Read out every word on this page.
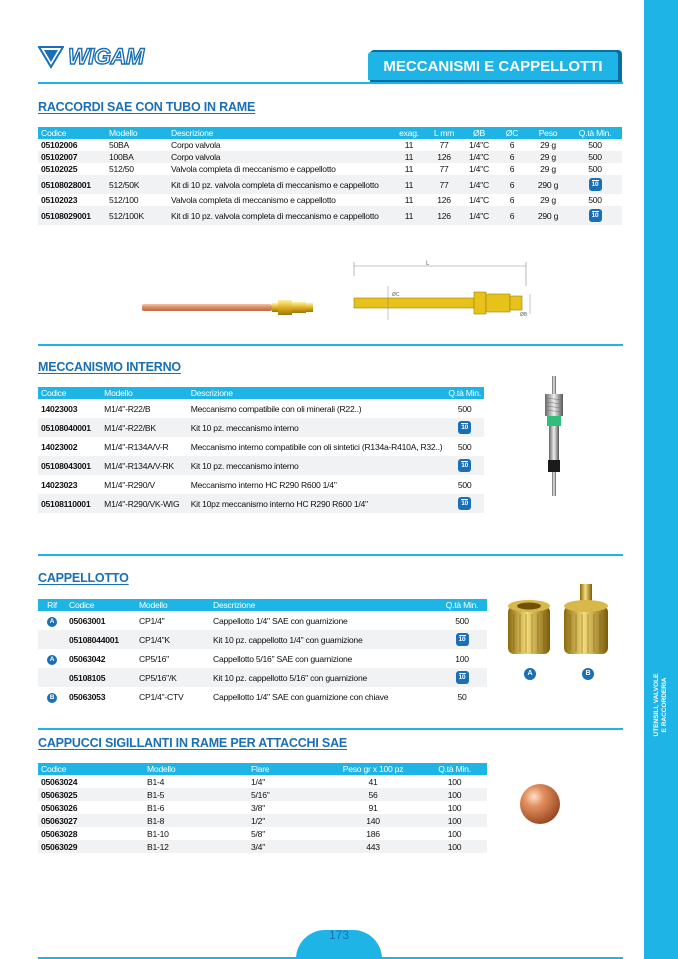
UTENSILI, VALVOLE E RACCORDERIA
WIGAM	MECCANISMI E CAPPELLOTTI
RACCORDI SAE CON TUBO IN RAME
Codice	Modello	Descrizione	exag.	L mm	ØB	ØC	Peso	Q.tà Min.
05102006	50BA	Corpo valvola	11	77	1/4"C	6	29 g	500
05102007	100BA	Corpo valvola	11	126	1/4"C	6	29 g	500
05102025	512/50	Valvola completa di meccanismo e cappellotto	11	77	1/4"C	6	29 g	500
05108028001	512/50K	Kit di 10 pz. valvola completa di meccanismo e cappellotto	11	77	1/4"C	6	290 g	10
05102023	512/100	Valvola completa di meccanismo e cappellotto	11	126	1/4"C	6	29 g	500
05108029001	512/100K	Kit di 10 pz. valvola completa di meccanismo e cappellotto	11	126	1/4"C	6	290 g	10
L
ØC
ØB
MECCANISMO INTERNO
Codice	Modello	Descrizione	Q.tà Min.
14023003	M1/4"-R22/B	Meccanismo compatibile con oli minerali (R22..)	500
05108040001	M1/4"-R22/BK	Kit 10 pz. meccanismo interno	10
14023002	M1/4"-R134A/V-R	Meccanismo interno compatibile con oli sintetici (R134a-R410A, R32..)	500
05108043001	M1/4"-R134A/V-RK	Kit 10 pz. meccanismo interno	10
14023023	M1/4"-R290/V	Meccanismo interno HC R290 R600 1/4"	500
05108110001	M1/4"-R290/VK-WIG	Kit 10pz meccanismo interno HC R290 R600 1/4"	10
CAPPELLOTTO
Rif	Codice	Modello	Descrizione	Q.tà Min.
A	05063001	CP1/4"	Cappellotto 1/4" SAE con guarnizione	500
	05108044001	CP1/4"K	Kit 10 pz. cappellotto 1/4" con guarnizione	10
A	05063042	CP5/16"	Cappellotto 5/16" SAE con guarnizione	100
	05108105	CP5/16"/K	Kit 10 pz. cappellotto 5/16" con guarnizione	10
B	05063053	CP1/4"-CTV	Cappellotto 1/4" SAE con guarnizione con chiave	50
A	B
CAPPUCCI SIGILLANTI IN RAME PER ATTACCHI SAE
Codice	Modello	Flare	Peso gr x 100 pz	Q.tà Min.
05063024	B1-4	1/4"	41	100
05063025	B1-5	5/16"	56	100
05063026	B1-6	3/8"	91	100
05063027	B1-8	1/2"	140	100
05063028	B1-10	5/8"	186	100
05063029	B1-12	3/4"	443	100
173
